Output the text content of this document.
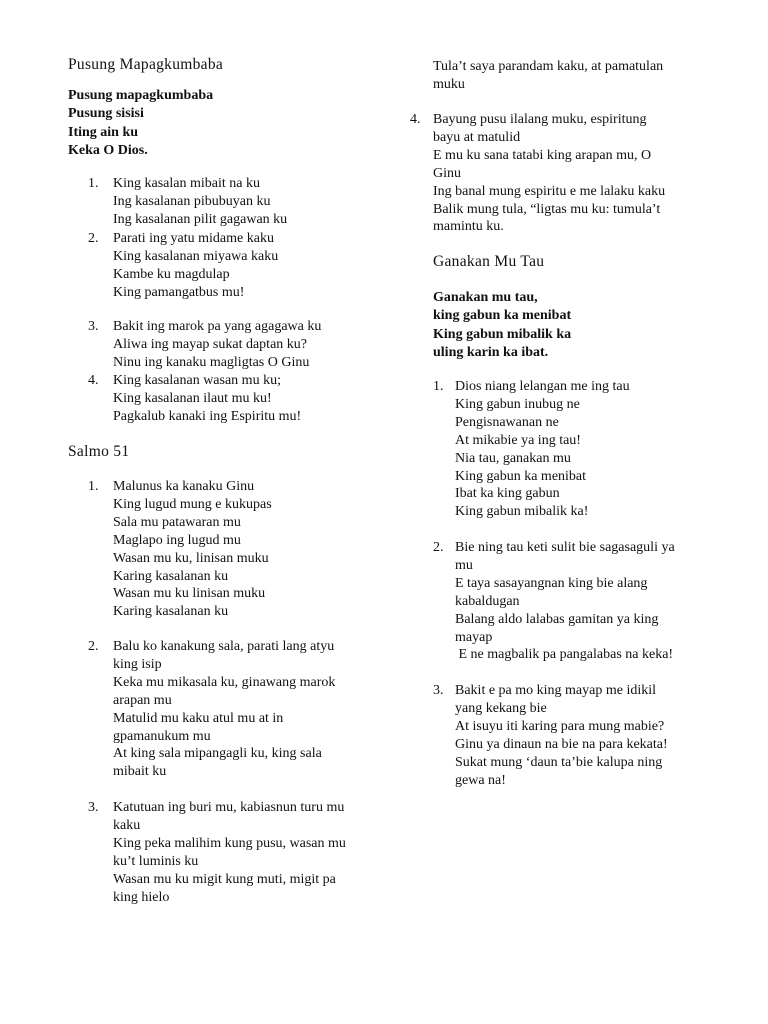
Pusung Mapagkumbaba
Pusung mapagkumbaba
Pusung sisisi
Iting ain ku
Keka O Dios.
1.	King kasalan mibait na ku
Ing kasalanan pibubuyan ku
Ing kasalanan pilit gagawan ku
2.	Parati ing yatu midame kaku
King kasalanan miyawa kaku
Kambe ku magdulap
King pamangatbus mu!
3.	Bakit ing marok pa yang agagawa ku
Aliwa ing mayap sukat daptan ku?
Ninu ing kanaku magligtas O Ginu
4.	King kasalanan wasan mu ku;
King kasalanan ilaut mu ku!
Pagkalub kanaki ing Espiritu mu!
Salmo 51
1.	Malunus ka kanaku Ginu
King lugud mung e kukupas
Sala mu patawaran mu
Maglapo ing lugud mu
Wasan mu ku, linisan muku
Karing kasalanan ku
Wasan mu ku linisan muku
Karing kasalanan ku
2.	Balu ko kanakung sala, parati lang atyu
king isip
Keka mu mikasala ku, ginawang marok
arapan mu
Matulid mu kaku atul mu at in
gpamanukum mu
At king sala mipangagli ku, king sala
mibait ku
3.	Katutuan ing buri mu, kabiasnun turu mu
kaku
King peka malihim kung pusu, wasan mu
ku’t luminis ku
Wasan mu ku migit kung muti, migit pa
king hielo
Tula’t saya parandam kaku, at pamatulan
muku
4. Bayung pusu ilalang muku, espiritung
bayu at matulid
E mu ku sana tatabi king arapan mu, O
Ginu
Ing banal mung espiritu e me lalaku kaku
Balik mung tula, “ligtas mu ku: tumula’t
mamintu ku.
Ganakan Mu Tau
Ganakan mu tau,
king gabun ka menibat
King gabun mibalik ka
uling karin ka ibat.
1. Dios niang lelangan me ing tau
King gabun inubug ne
Pengisnawanan ne
At mikabie ya ing tau!
Nia tau, ganakan mu
King gabun ka menibat
Ibat ka king gabun
King gabun mibalik ka!
2. Bie ning tau keti sulit bie sagasaguli ya
mu
E taya sasayangnan king bie alang
kabaldugan
Balang aldo lalabas gamitan ya king
mayap
E ne magbalik pa pangalabas na keka!
3. Bakit e pa mo king mayap me idikil
yang kekang bie
At isuyu iti karing para mung mabie?
Ginu ya dinaun na bie na para kekata!
Sukat mung ‘daun ta’bie kalupa ning
gewa na!
